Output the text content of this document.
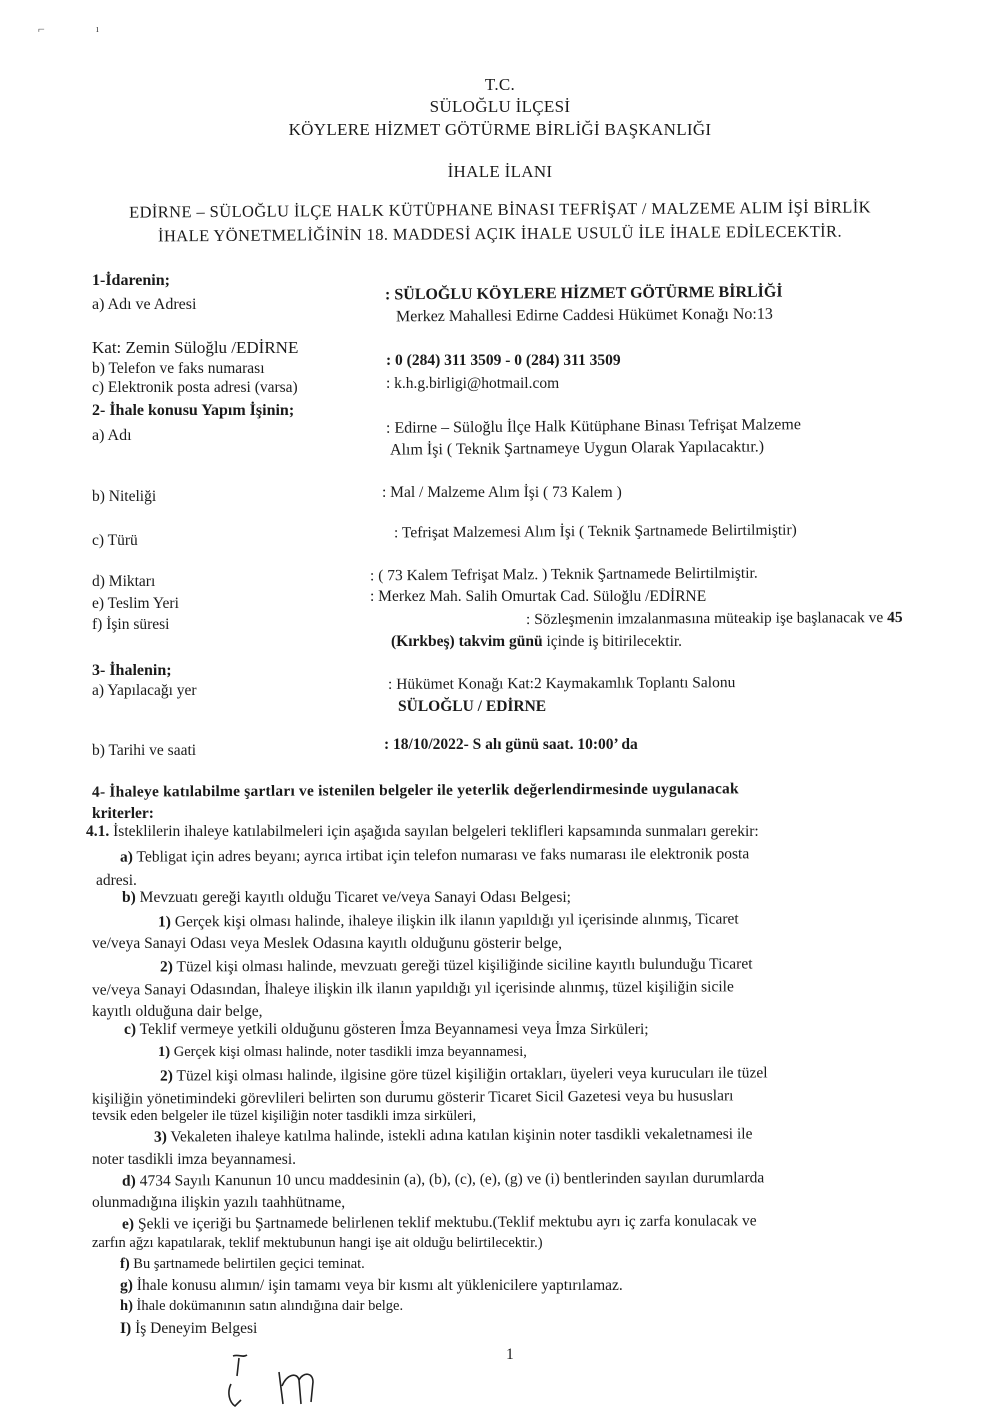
⌐	ı
T.C.
SÜLOĞLU İLÇESİ
KÖYLERE HİZMET GÖTÜRME BİRLİĞİ BAŞKANLIĞI
İHALE İLANI
EDİRNE – SÜLOĞLU İLÇE HALK KÜTÜPHANE BİNASI TEFRİŞAT / MALZEME ALIM İŞİ BİRLİK
İHALE YÖNETMELİĞİNİN 18. MADDESİ AÇIK İHALE USULÜ İLE İHALE EDİLECEKTİR.
1-İdarenin;
a) Adı ve Adresi
: SÜLOĞLU KÖYLERE HİZMET GÖTÜRME BİRLİĞİ
Merkez Mahallesi Edirne Caddesi Hükümet Konağı No:13
Kat: Zemin Süloğlu /EDİRNE
b) Telefon ve faks numarası	: 0 (284) 311 3509 - 0 (284) 311 3509
c) Elektronik posta adresi (varsa)	: k.h.g.birligi@hotmail.com
2- İhale konusu Yapım İşinin;
a) Adı	: Edirne – Süloğlu İlçe Halk Kütüphane Binası Tefrişat Malzeme
Alım İşi ( Teknik Şartnameye Uygun Olarak Yapılacaktır.)
b) Niteliği	: Mal / Malzeme Alım İşi ( 73 Kalem )
c) Türü	: Tefrişat Malzemesi Alım İşi ( Teknik Şartnamede Belirtilmiştir)
d) Miktarı	: ( 73 Kalem Tefrişat Malz. ) Teknik Şartnamede Belirtilmiştir.
e) Teslim Yeri	: Merkez Mah. Salih Omurtak Cad. Süloğlu /EDİRNE
f) İşin süresi	: Sözleşmenin imzalanmasına müteakip işe başlanacak ve 45
(Kırkbeş) takvim günü içinde iş bitirilecektir.
3- İhalenin;
a) Yapılacağı yer	: Hükümet Konağı Kat:2 Kaymakamlık Toplantı Salonu
SÜLOĞLU / EDİRNE
b) Tarihi ve saati	: 18/10/2022- S alı günü saat. 10:00’ da
4- İhaleye katılabilme şartları ve istenilen belgeler ile yeterlik değerlendirmesinde uygulanacak
kriterler:
4.1. İsteklilerin ihaleye katılabilmeleri için aşağıda sayılan belgeleri teklifleri kapsamında sunmaları gerekir:
a) Tebligat için adres beyanı; ayrıca irtibat için telefon numarası ve faks numarası ile elektronik posta
adresi.
b) Mevzuatı gereği kayıtlı olduğu Ticaret ve/veya Sanayi Odası Belgesi;
1) Gerçek kişi olması halinde, ihaleye ilişkin ilk ilanın yapıldığı yıl içerisinde alınmış, Ticaret
ve/veya Sanayi Odası veya Meslek Odasına kayıtlı olduğunu gösterir belge,
2) Tüzel kişi olması halinde, mevzuatı gereği tüzel kişiliğinde siciline kayıtlı bulunduğu Ticaret
ve/veya Sanayi Odasından, İhaleye ilişkin ilk ilanın yapıldığı yıl içerisinde alınmış, tüzel kişiliğin sicile
kayıtlı olduğuna dair belge,
c) Teklif vermeye yetkili olduğunu gösteren İmza Beyannamesi veya İmza Sirküleri;
1) Gerçek kişi olması halinde, noter tasdikli imza beyannamesi,
2) Tüzel kişi olması halinde, ilgisine göre tüzel kişiliğin ortakları, üyeleri veya kurucuları ile tüzel
kişiliğin yönetimindeki görevlileri belirten son durumu gösterir Ticaret Sicil Gazetesi veya bu hususları
tevsik eden belgeler ile tüzel kişiliğin noter tasdikli imza sirküleri,
3) Vekaleten ihaleye katılma halinde, istekli adına katılan kişinin noter tasdikli vekaletnamesi ile
noter tasdikli imza beyannamesi.
d) 4734 Sayılı Kanunun 10 uncu maddesinin (a), (b), (c), (e), (g) ve (i) bentlerinden sayılan durumlarda
olunmadığına ilişkin yazılı taahhütname,
e) Şekli ve içeriği bu Şartnamede belirlenen teklif mektubu.(Teklif mektubu ayrı iç zarfa konulacak ve
zarfın ağzı kapatılarak, teklif mektubunun hangi işe ait olduğu belirtilecektir.)
f) Bu şartnamede belirtilen geçici teminat.
g) İhale konusu alımın/ işin tamamı veya bir kısmı alt yüklenicilere yaptırılamaz.
h) İhale dokümanının satın alındığına dair belge.
I) İş Deneyim Belgesi
1
